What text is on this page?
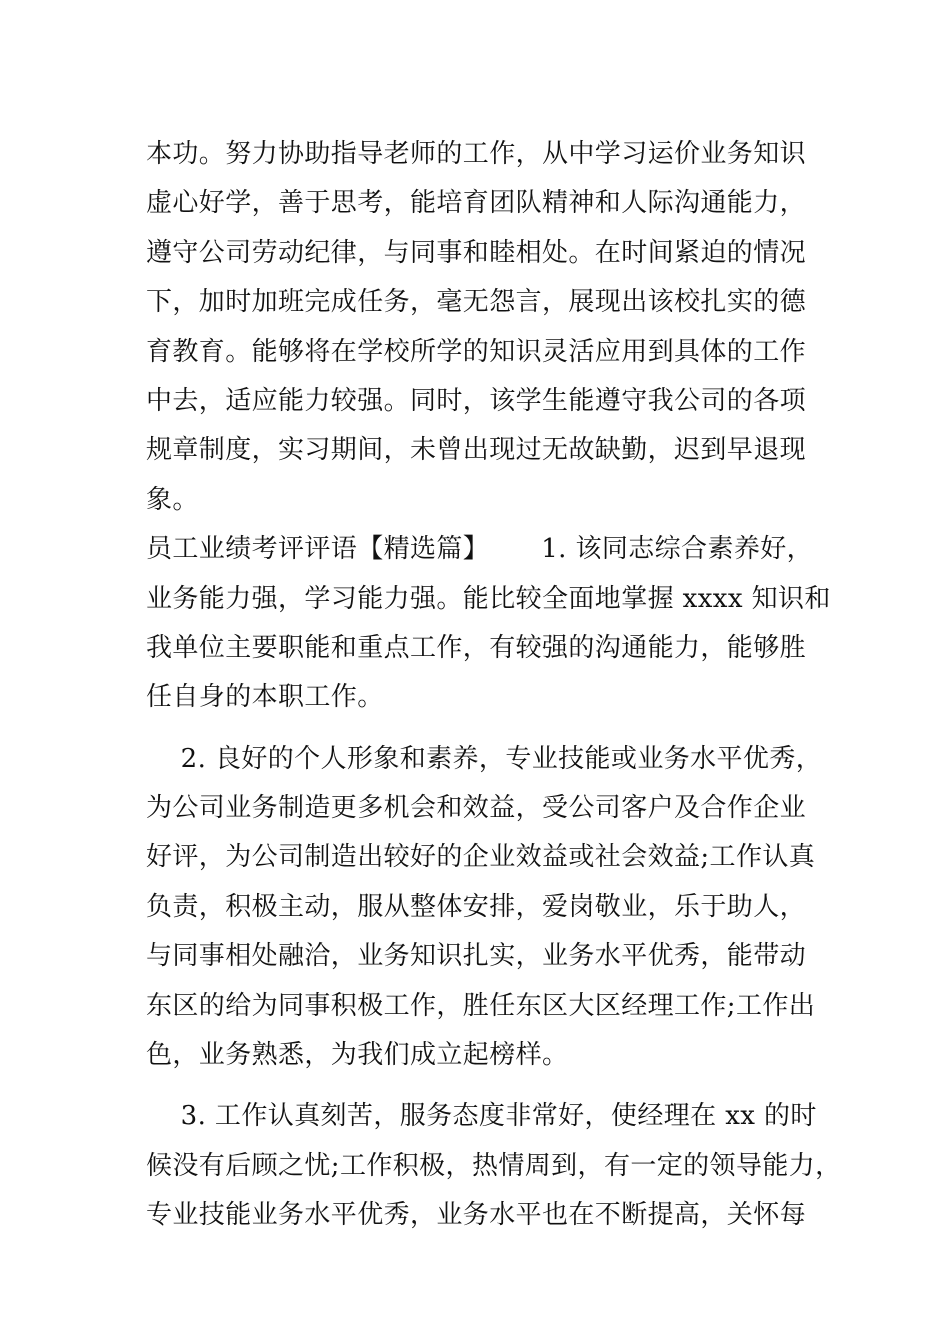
本功。努力协助指导老师的工作，从中学习运价业务知识
虚心好学，善于思考，能培育团队精神和人际沟通能力，
遵守公司劳动纪律，与同事和睦相处。在时间紧迫的情况
下，加时加班完成任务，毫无怨言，展现出该校扎实的德
育教育。能够将在学校所学的知识灵活应用到具体的工作
中去，适应能力较强。同时，该学生能遵守我公司的各项
规章制度，实习期间，未曾出现过无故缺勤，迟到早退现
象。
员工业绩考评评语【精选篇】      1. 该同志综合素养好，
业务能力强，学习能力强。能比较全面地掌握 xxxx 知识和
我单位主要职能和重点工作，有较强的沟通能力，能够胜
任自身的本职工作。
2. 良好的个人形象和素养，专业技能或业务水平优秀，
为公司业务制造更多机会和效益，受公司客户及合作企业
好评，为公司制造出较好的企业效益或社会效益;工作认真
负责，积极主动，服从整体安排，爱岗敬业，乐于助人，
与同事相处融洽，业务知识扎实，业务水平优秀，能带动
东区的给为同事积极工作，胜任东区大区经理工作;工作出
色，业务熟悉，为我们成立起榜样。
3. 工作认真刻苦，服务态度非常好，使经理在 xx 的时
候没有后顾之忧;工作积极，热情周到，有一定的领导能力，
专业技能业务水平优秀，业务水平也在不断提高，关怀每
